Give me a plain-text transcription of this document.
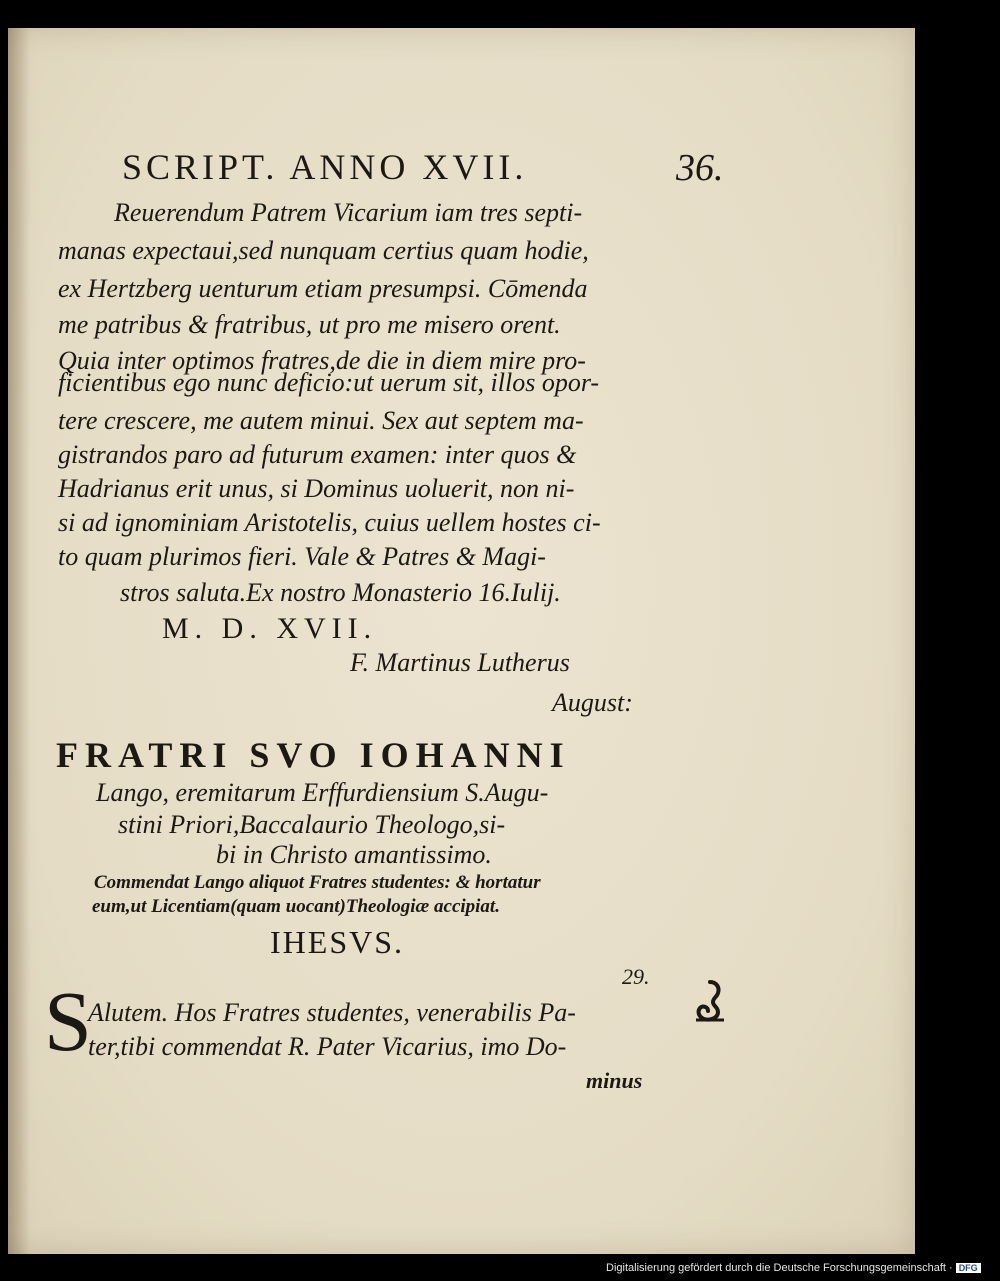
SCRIPT. ANNO XVII.	36.
Reuerendum Patrem Vicarium iam tres septi-
manas expectaui,sed nunquam certius quam hodie,
ex Hertzberg uenturum etiam presumpsi. Cōmenda
me patribus & fratribus, ut pro me misero orent.
Quia inter optimos fratres,de die in diem mire pro-
ficientibus ego nunc deficio:ut uerum sit, illos opor-
tere crescere, me autem minui. Sex aut septem ma-
gistrandos paro ad futurum examen: inter quos &
Hadrianus erit unus, si Dominus uoluerit, non ni-
si ad ignominiam Aristotelis, cuius uellem hostes ci-
to quam plurimos fieri. Vale & Patres & Magi-
stros saluta.Ex nostro Monasterio 16.Iulij.
M. D. XVII.
F. Martinus Lutherus
August:
FRATRI SVO IOHANNI
Lango, eremitarum Erffurdiensium S.Augu-
stini Priori,Baccalaurio Theologo,si-
bi in Christo amantissimo.
Commendat Lango aliquot Fratres studentes: & hortatur
eum,ut Licentiam(quam uocant)Theologiæ accipiat.
IHESVS.
29.
S
Alutem. Hos Fratres studentes, venerabilis Pa-
ter,tibi commendat R. Pater Vicarius, imo Do-
minus
Digitalisierung gefördert durch die Deutsche Forschungsgemeinschaft · DFG
